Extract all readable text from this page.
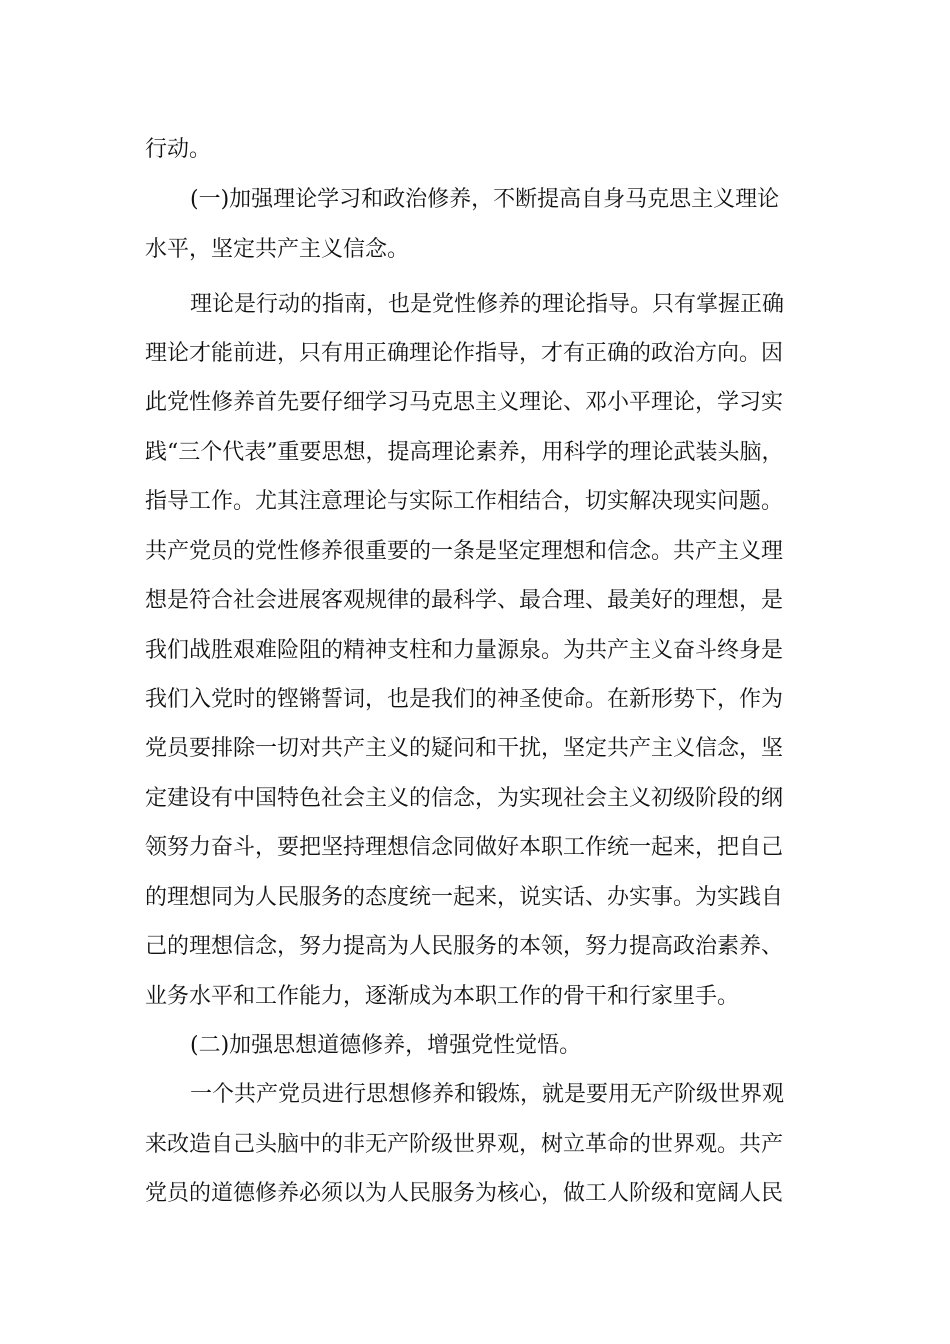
行动。
(一)加强理论学习和政治修养，不断提高自身马克思主义理论
水平，坚定共产主义信念。
理论是行动的指南，也是党性修养的理论指导。只有掌握正确
理论才能前进，只有用正确理论作指导，才有正确的政治方向。因
此党性修养首先要仔细学习马克思主义理论、邓小平理论，学习实
践“三个代表”重要思想，提高理论素养，用科学的理论武装头脑，
指导工作。尤其注意理论与实际工作相结合，切实解决现实问题。
共产党员的党性修养很重要的一条是坚定理想和信念。共产主义理
想是符合社会进展客观规律的最科学、最合理、最美好的理想，是
我们战胜艰难险阻的精神支柱和力量源泉。为共产主义奋斗终身是
我们入党时的铿锵誓词，也是我们的神圣使命。在新形势下，作为
党员要排除一切对共产主义的疑问和干扰，坚定共产主义信念，坚
定建设有中国特色社会主义的信念，为实现社会主义初级阶段的纲
领努力奋斗，要把坚持理想信念同做好本职工作统一起来，把自己
的理想同为人民服务的态度统一起来，说实话、办实事。为实践自
己的理想信念，努力提高为人民服务的本领，努力提高政治素养、
业务水平和工作能力，逐渐成为本职工作的骨干和行家里手。
(二)加强思想道德修养，增强党性觉悟。
一个共产党员进行思想修养和锻炼，就是要用无产阶级世界观
来改造自己头脑中的非无产阶级世界观，树立革命的世界观。共产
党员的道德修养必须以为人民服务为核心，做工人阶级和宽阔人民
